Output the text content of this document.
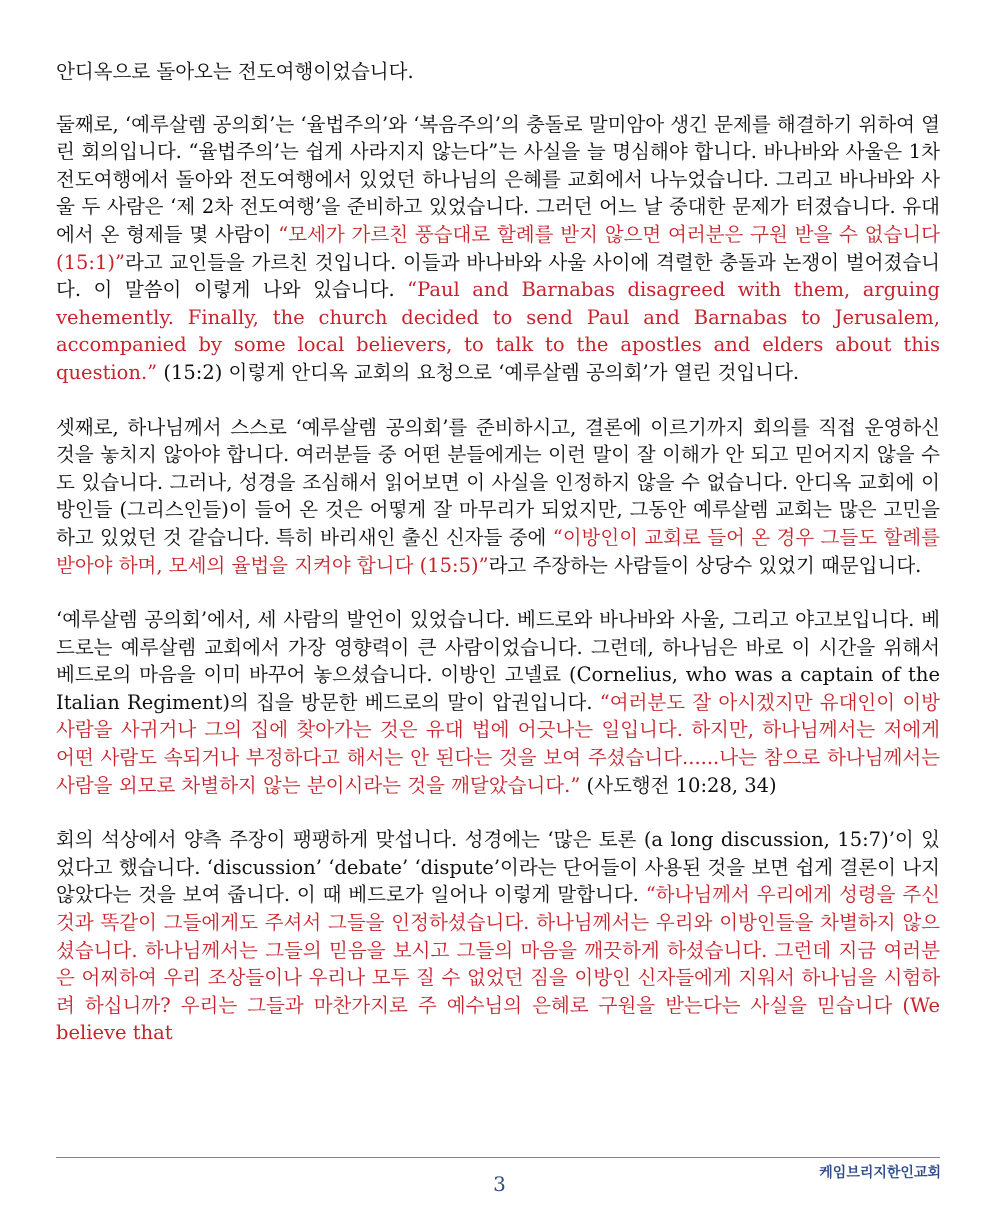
안디옥으로 돌아오는 전도여행이었습니다.

둘째로, ‘예루살렘 공의회’는 ‘율법주의’와 ‘복음주의’의 충돌로 말미암아 생긴 문제를 해결하기 위하여 열린 회의입니다. “율법주의’는 쉽게 사라지지 않는다”는 사실을 늘 명심해야 합니다. 바나바와 사울은 1차 전도여행에서 돌아와 전도여행에서 있었던 하나님의 은혜를 교회에서 나누었습니다. 그리고 바나바와 사울 두 사람은 ‘제 2차 전도여행’을 준비하고 있었습니다. 그러던 어느 날 중대한 문제가 터졌습니다. 유대에서 온 형제들 몇 사람이 “모세가 가르친 풍습대로 할례를 받지 않으면 여러분은 구원 받을 수 없습니다 (15:1)”라고 교인들을 가르친 것입니다. 이들과 바나바와 사울 사이에 격렬한 충돌과 논쟁이 벌어졌습니다. 이 말씀이 이렇게 나와 있습니다. “Paul and Barnabas disagreed with them, arguing vehemently. Finally, the church decided to send Paul and Barnabas to Jerusalem, accompanied by some local believers, to talk to the apostles and elders about this question.” (15:2) 이렇게 안디옥 교회의 요청으로 ‘예루살렘 공의회’가 열린 것입니다.

셋째로, 하나님께서 스스로 ‘예루살렘 공의회’를 준비하시고, 결론에 이르기까지 회의를 직접 운영하신 것을 놓치지 않아야 합니다. 여러분들 중 어떤 분들에게는 이런 말이 잘 이해가 안 되고 믿어지지 않을 수도 있습니다. 그러나, 성경을 조심해서 읽어보면 이 사실을 인정하지 않을 수 없습니다. 안디옥 교회에 이방인들 (그리스인들)이 들어 온 것은 어떻게 잘 마무리가 되었지만, 그동안 예루살렘 교회는 많은 고민을 하고 있었던 것 같습니다. 특히 바리새인 출신 신자들 중에 “이방인이 교회로 들어 온 경우 그들도 할례를 받아야 하며, 모세의 율법을 지켜야 합니다 (15:5)”라고 주장하는 사람들이 상당수 있었기 때문입니다.

‘예루살렘 공의회’에서, 세 사람의 발언이 있었습니다. 베드로와 바나바와 사울, 그리고 야고보입니다. 베드로는 예루살렘 교회에서 가장 영향력이 큰 사람이었습니다. 그런데, 하나님은 바로 이 시간을 위해서 베드로의 마음을 이미 바꾸어 놓으셨습니다. 이방인 고넬료 (Cornelius, who was a captain of the Italian Regiment)의 집을 방문한 베드로의 말이 압권입니다. “여러분도 잘 아시겠지만 유대인이 이방 사람을 사귀거나 그의 집에 찾아가는 것은 유대 법에 어긋나는 일입니다. 하지만, 하나님께서는 저에게 어떤 사람도 속되거나 부정하다고 해서는 안 된다는 것을 보여 주셨습니다......나는 참으로 하나님께서는 사람을 외모로 차별하지 않는 분이시라는 것을 깨달았습니다.” (사도행전 10:28, 34)

회의 석상에서 양측 주장이 팽팽하게 맞섭니다. 성경에는 ‘많은 토론 (a long discussion, 15:7)’이 있었다고 했습니다. ‘discussion’ ‘debate’ ‘dispute’이라는 단어들이 사용된 것을 보면 쉽게 결론이 나지 않았다는 것을 보여 줍니다. 이 때 베드로가 일어나 이렇게 말합니다. “하나님께서 우리에게 성령을 주신 것과 똑같이 그들에게도 주셔서 그들을 인정하셨습니다. 하나님께서는 우리와 이방인들을 차별하지 않으셨습니다. 하나님께서는 그들의 믿음을 보시고 그들의 마음을 깨끗하게 하셨습니다. 그런데 지금 여러분은 어찌하여 우리 조상들이나 우리나 모두 질 수 없었던 짐을 이방인 신자들에게 지워서 하나님을 시험하려 하십니까? 우리는 그들과 마찬가지로 주 예수님의 은혜로 구원을 받는다는 사실을 믿습니다 (We believe that

3	케임브리지한인교회
